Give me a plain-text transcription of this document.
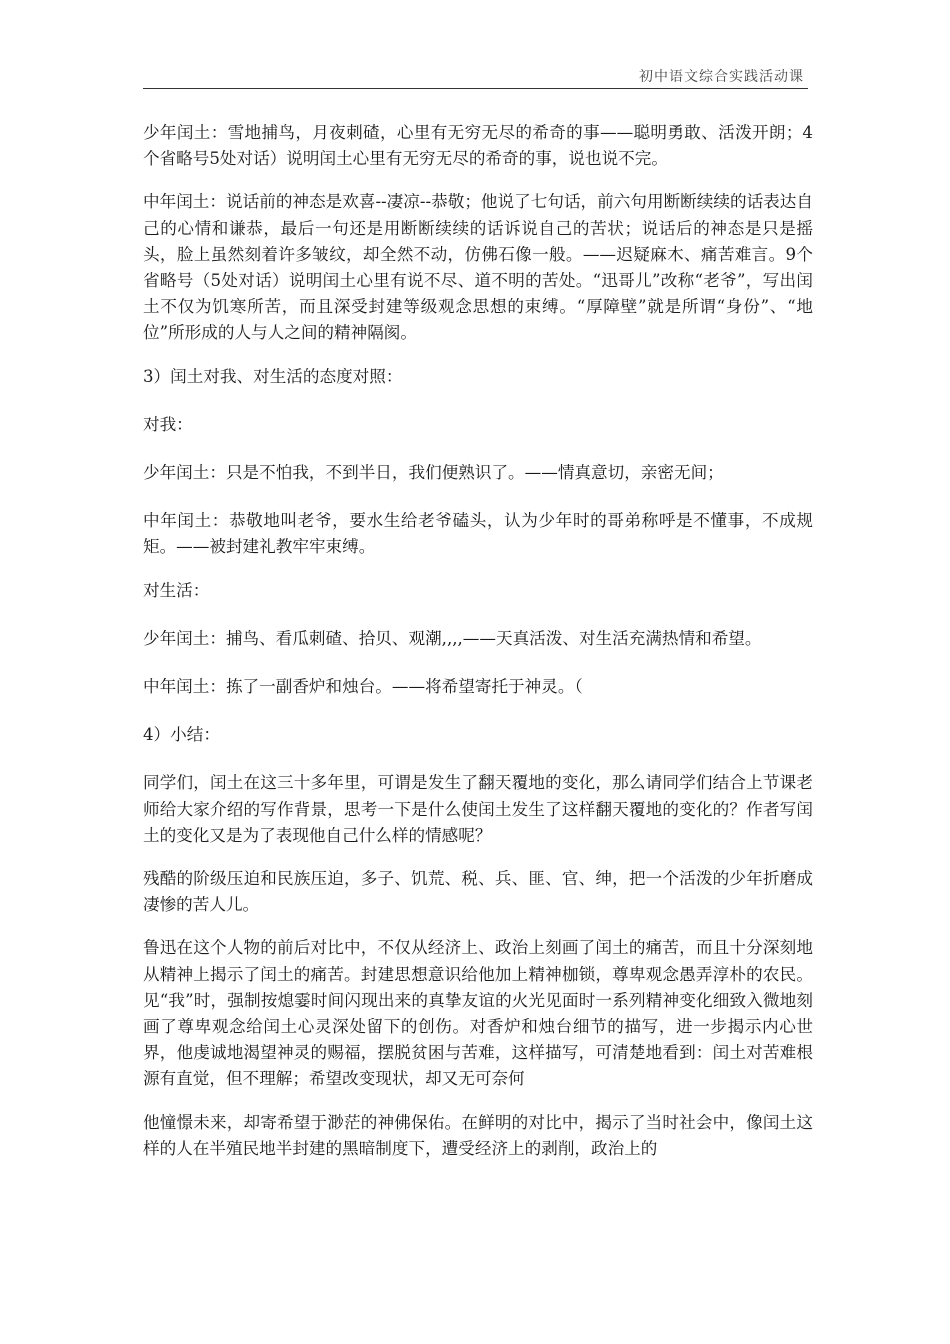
初中语文综合实践活动课

少年闰土：雪地捕鸟，月夜刺碴，心里有无穷无尽的希奇的事——聪明勇敢、活泼开朗；4个省略号5处对话）说明闰土心里有无穷无尽的希奇的事，说也说不完。

中年闰土：说话前的神态是欢喜--凄凉--恭敬；他说了七句话，前六句用断断续续的话表达自己的心情和谦恭，最后一句还是用断断续续的话诉说自己的苦状；说话后的神态是只是摇头，脸上虽然刻着许多皱纹，却全然不动，仿佛石像一般。——迟疑麻木、痛苦难言。9个省略号（5处对话）说明闰土心里有说不尽、道不明的苦处。“迅哥儿”改称“老爷”，写出闰土不仅为饥寒所苦，而且深受封建等级观念思想的束缚。“厚障壁”就是所谓“身份”、“地位”所形成的人与人之间的精神隔阂。

3）闰土对我、对生活的态度对照：

对我：

少年闰土：只是不怕我，不到半日，我们便熟识了。——情真意切，亲密无间；

中年闰土：恭敬地叫老爷，要水生给老爷磕头，认为少年时的哥弟称呼是不懂事，不成规矩。——被封建礼教牢牢束缚。

对生活：

少年闰土：捕鸟、看瓜刺碴、拾贝、观潮,,,,——天真活泼、对生活充满热情和希望。

中年闰土：拣了一副香炉和烛台。——将希望寄托于神灵。（

4）小结：

同学们，闰土在这三十多年里，可谓是发生了翻天覆地的变化，那么请同学们结合上节课老师给大家介绍的写作背景，思考一下是什么使闰土发生了这样翻天覆地的变化的？作者写闰土的变化又是为了表现他自己什么样的情感呢？

残酷的阶级压迫和民族压迫，多子、饥荒、税、兵、匪、官、绅，把一个活泼的少年折磨成凄惨的苦人儿。

鲁迅在这个人物的前后对比中，不仅从经济上、政治上刻画了闰土的痛苦，而且十分深刻地从精神上揭示了闰土的痛苦。封建思想意识给他加上精神枷锁，尊卑观念愚弄淳朴的农民。见“我”时，强制按熄霎时间闪现出来的真挚友谊的火光见面时一系列精神变化细致入微地刻画了尊卑观念给闰土心灵深处留下的创伤。对香炉和烛台细节的描写，进一步揭示内心世界，他虔诚地渴望神灵的赐福，摆脱贫困与苦难，这样描写，可清楚地看到：闰土对苦难根源有直觉，但不理解；希望改变现状，却又无可奈何

他憧憬未来，却寄希望于渺茫的神佛保佑。在鲜明的对比中，揭示了当时社会中，像闰土这样的人在半殖民地半封建的黑暗制度下，遭受经济上的剥削，政治上的
